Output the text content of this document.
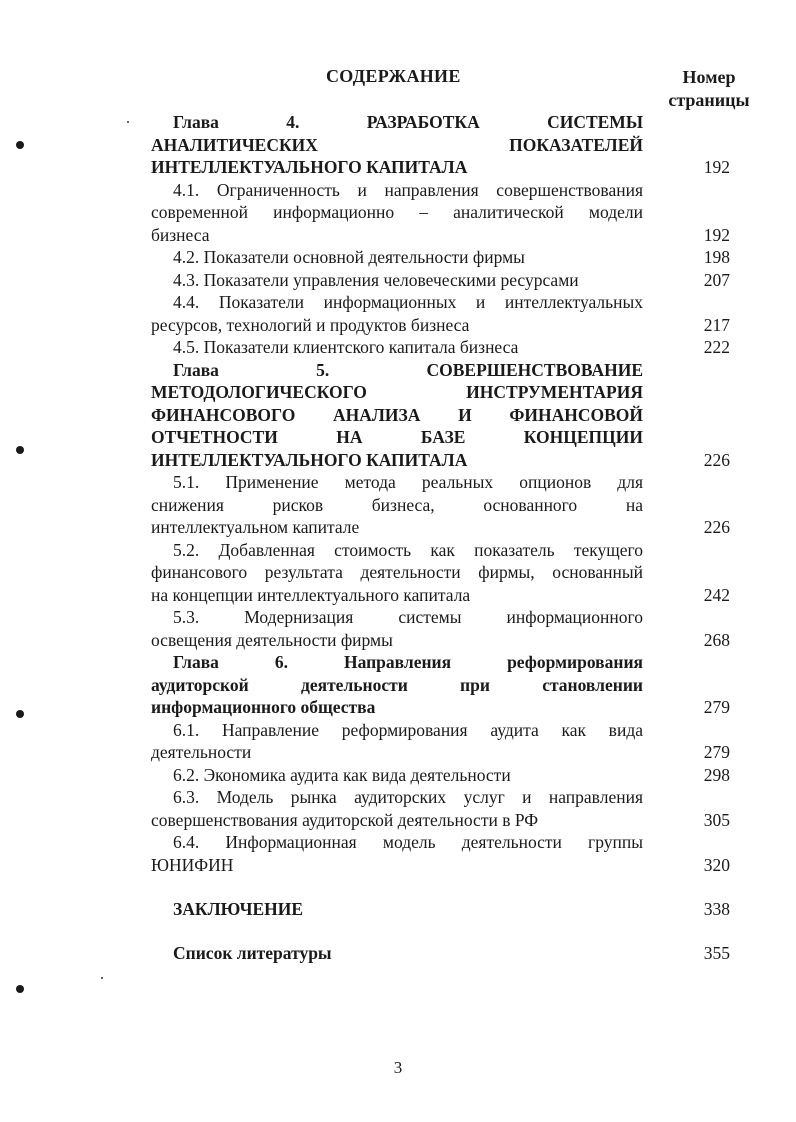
СОДЕРЖАНИЕ	Номер страницы
Глава 4. РАЗРАБОТКА СИСТЕМЫ
АНАЛИТИЧЕСКИХ ПОКАЗАТЕЛЕЙ
ИНТЕЛЛЕКТУАЛЬНОГО КАПИТАЛА	192
4.1. Ограниченность и направления совершенствования
современной информационно – аналитической модели
бизнеса	192
4.2. Показатели основной деятельности фирмы	198
4.3. Показатели управления человеческими ресурсами	207
4.4. Показатели информационных и интеллектуальных
ресурсов, технологий и продуктов бизнеса	217
4.5. Показатели клиентского капитала бизнеса	222
Глава 5. СОВЕРШЕНСТВОВАНИЕ
МЕТОДОЛОГИЧЕСКОГО ИНСТРУМЕНТАРИЯ
ФИНАНСОВОГО АНАЛИЗА И ФИНАНСОВОЙ
ОТЧЕТНОСТИ НА БАЗЕ КОНЦЕПЦИИ
ИНТЕЛЛЕКТУАЛЬНОГО КАПИТАЛА	226
5.1. Применение метода реальных опционов для
снижения рисков бизнеса, основанного на
интеллектуальном капитале	226
5.2. Добавленная стоимость как показатель текущего
финансового результата деятельности фирмы, основанный
на концепции интеллектуального капитала	242
5.3. Модернизация системы информационного
освещения деятельности фирмы	268
Глава 6. Направления реформирования
аудиторской деятельности при становлении
информационного общества	279
6.1. Направление реформирования аудита как вида
деятельности	279
6.2. Экономика аудита как вида деятельности	298
6.3. Модель рынка аудиторских услуг и направления
совершенствования аудиторской деятельности в РФ	305
6.4. Информационная модель деятельности группы
ЮНИФИН	320
ЗАКЛЮЧЕНИЕ	338
Список литературы	355
3
